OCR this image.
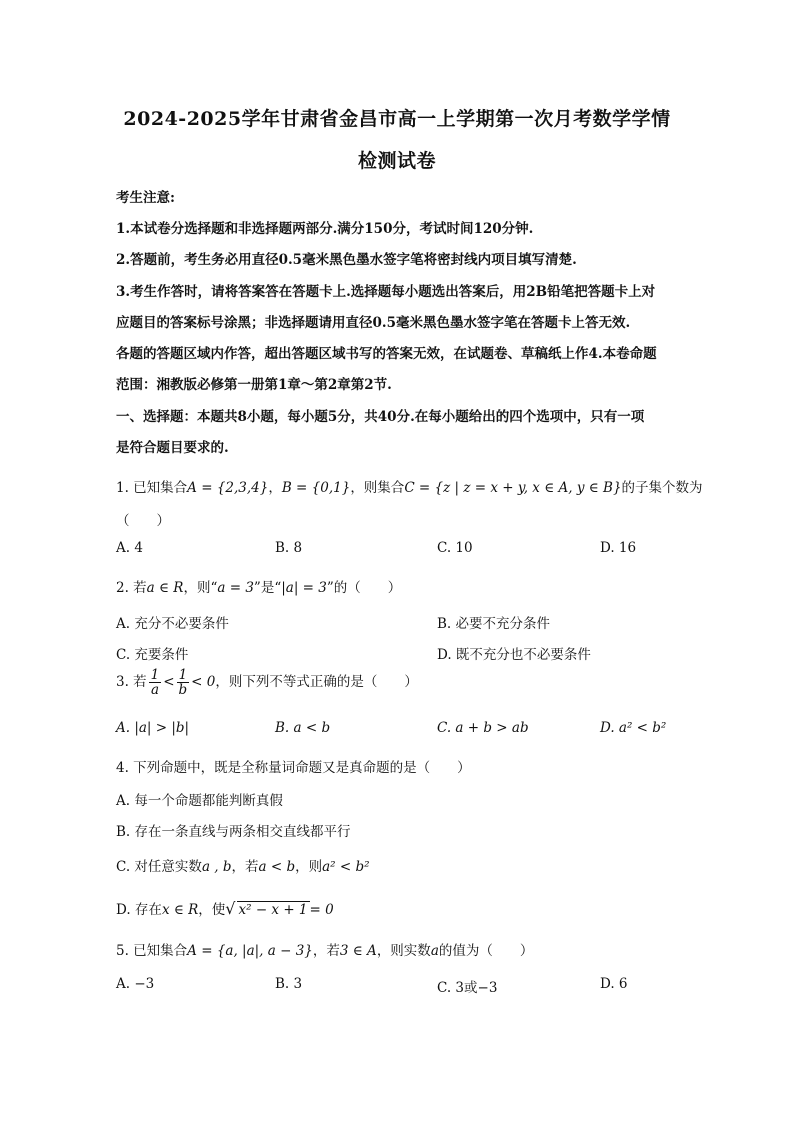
2024-2025学年甘肃省金昌市高一上学期第一次月考数学学情
检测试卷
考生注意:
1.本试卷分选择题和非选择题两部分.满分150分，考试时间120分钟.
2.答题前，考生务必用直径0.5毫米黑色墨水签字笔将密封线内项目填写清楚.
3.考生作答时，请将答案答在答题卡上.选择题每小题选出答案后，用2B铅笔把答题卡上对
应题目的答案标号涂黑；非选择题请用直径0.5毫米黑色墨水签字笔在答题卡上答无效.
各题的答题区域内作答，超出答题区域书写的答案无效，在试题卷、草稿纸上作4.本卷命题
范围：湘教版必修第一册第1章～第2章第2节.
一、选择题：本题共8小题，每小题5分，共40分.在每小题给出的四个选项中，只有一项
是符合题目要求的.
1. 已知集合A = {2,3,4}，B = {0,1}，则集合C = {z | z = x + y, x ∈ A, y ∈ B}的子集个数为
（　　）
A. 4	B. 8	C. 10	D. 16
2. 若a ∈ R，则“a = 3”是“|a| = 3”的（　　）
A. 充分不必要条件	B. 必要不充分条件
C. 充要条件	D. 既不充分也不必要条件
3. 若 $\frac{1}{a} < \frac{1}{b} < 0$，则下列不等式正确的是（　　）
A. |a| > |b|	B. a < b	C. a + b > ab	D. a² < b²
4. 下列命题中，既是全称量词命题又是真命题的是（　　）
A. 每一个命题都能判断真假
B. 存在一条直线与两条相交直线都平行
C. 对任意实数a , b，若a < b，则a² < b²
D. 存在x ∈ R，使√ x² − x + 1 = 0
5. 已知集合A = {a, |a|, a − 3}，若3 ∈ A，则实数a的值为（　　）
A. −3	B. 3	C. 3或−3	D. 6
